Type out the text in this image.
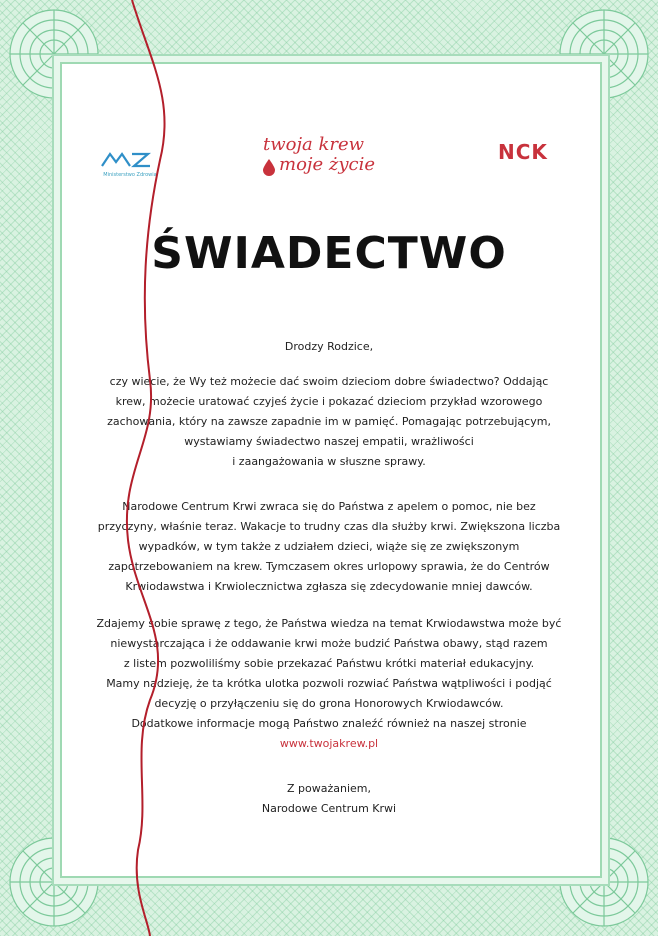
Ministerstwo Zdrowia
twoja krew
moje życie
NCK
ŚWIADECTWO
Drodzy Rodzice,
czy wiecie, że Wy też możecie dać swoim dzieciom dobre świadectwo? Oddając
krew, możecie uratować czyjeś życie i pokazać dzieciom przykład wzorowego
zachowania, który na zawsze zapadnie im w pamięć. Pomagając potrzebującym,
wystawiamy świadectwo naszej empatii, wrażliwości
i zaangażowania w słuszne sprawy.
Narodowe Centrum Krwi zwraca się do Państwa z apelem o pomoc, nie bez
przyczyny, właśnie teraz. Wakacje to trudny czas dla służby krwi. Zwiększona liczba
wypadków, w tym także z udziałem dzieci, wiąże się ze zwiększonym
zapotrzebowaniem na krew. Tymczasem okres urlopowy sprawia, że do Centrów
Krwiodawstwa i Krwiolecznictwa zgłasza się zdecydowanie mniej dawców.
Zdajemy sobie sprawę z tego, że Państwa wiedza na temat Krwiodawstwa może być
niewystarczająca i że oddawanie krwi może budzić Państwa obawy, stąd razem
z listem pozwoliliśmy sobie przekazać Państwu krótki materiał edukacyjny.
Mamy nadzieję, że ta krótka ulotka pozwoli rozwiać Państwa wątpliwości i podjąć
decyzję o przyłączeniu się do grona Honorowych Krwiodawców.
Dodatkowe informacje mogą Państwo znaleźć również na naszej stronie
www.twojakrew.pl
Z poważaniem,
Narodowe Centrum Krwi
